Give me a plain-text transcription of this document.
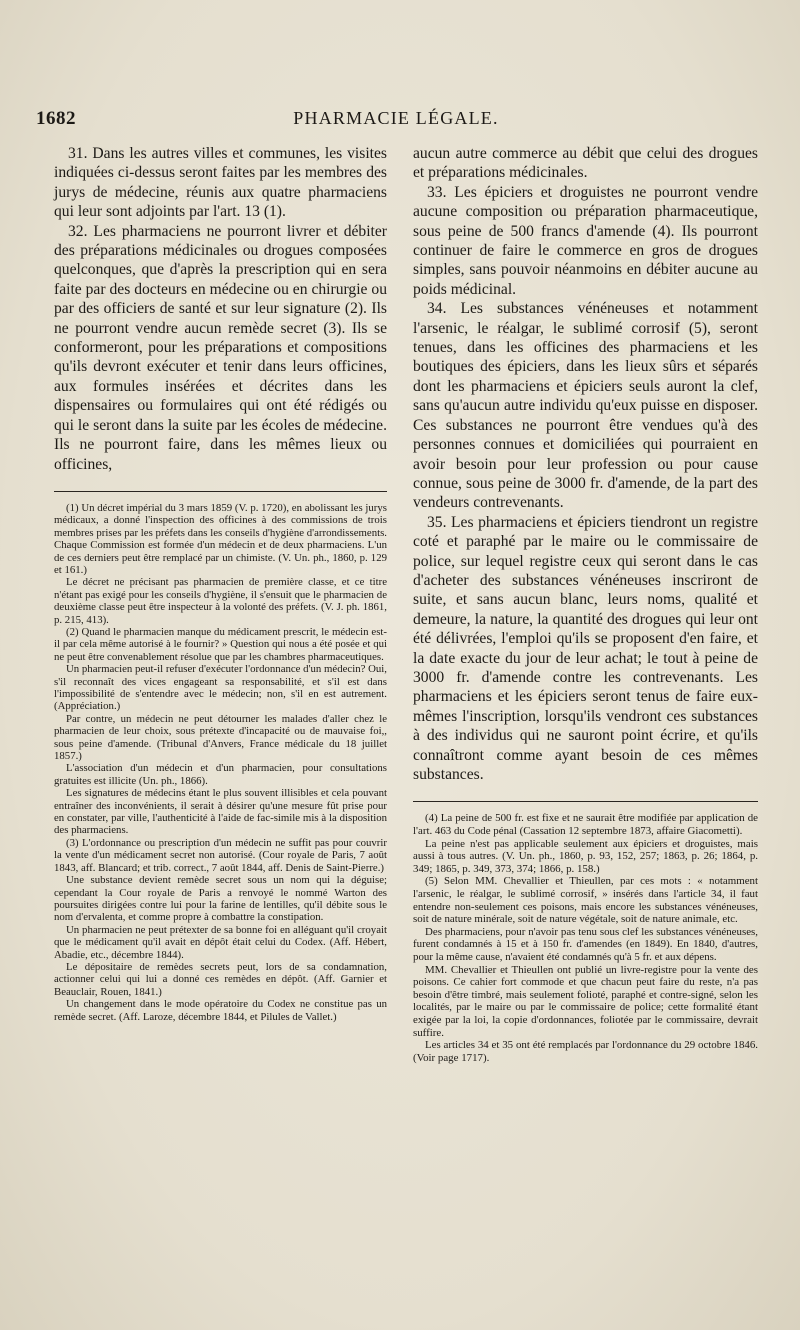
1682	PHARMACIE LÉGALE.

31. Dans les autres villes et communes, les visites indiquées ci-dessus seront faites par les membres des jurys de médecine, réunis aux quatre pharmaciens qui leur sont adjoints par l'art. 13 (1).

32. Les pharmaciens ne pourront livrer et débiter des préparations médicinales ou drogues composées quelconques, que d'après la prescription qui en sera faite par des docteurs en médecine ou en chirurgie ou par des officiers de santé et sur leur signature (2). Ils ne pourront vendre aucun remède secret (3). Ils se conformeront, pour les préparations et compositions qu'ils devront exécuter et tenir dans leurs officines, aux formules insérées et décrites dans les dispensaires ou formulaires qui ont été rédigés ou qui le seront dans la suite par les écoles de médecine. Ils ne pourront faire, dans les mêmes lieux ou officines,

(1) Un décret impérial du 3 mars 1859 (V. p. 1720), en abolissant les jurys médicaux, a donné l'inspection des officines à des commissions de trois membres prises par les préfets dans les conseils d'hygiène d'arrondissements. Chaque Commission est formée d'un médecin et de deux pharmaciens. L'un de ces derniers peut être remplacé par un chimiste. (V. Un. ph., 1860, p. 129 et 161.)

Le décret ne précisant pas pharmacien de première classe, et ce titre n'étant pas exigé pour les conseils d'hygiène, il s'ensuit que le pharmacien de deuxième classe peut être inspecteur à la volonté des préfets. (V. J. ph. 1861, p. 215, 413).

(2) Quand le pharmacien manque du médicament prescrit, le médecin est-il par cela même autorisé à le fournir? » Question qui nous a été posée et qui ne peut être convenablement résolue que par les chambres pharmaceutiques.

Un pharmacien peut-il refuser d'exécuter l'ordonnance d'un médecin? Oui, s'il reconnaît des vices engageant sa responsabilité, et s'il est dans l'impossibilité de s'entendre avec le médecin; non, s'il en est autrement. (Appréciation.)

Par contre, un médecin ne peut détourner les malades d'aller chez le pharmacien de leur choix, sous prétexte d'incapacité ou de mauvaise foi,, sous peine d'amende. (Tribunal d'Anvers, France médicale du 18 juillet 1857.)

L'association d'un médecin et d'un pharmacien, pour consultations gratuites est illicite (Un. ph., 1866).

Les signatures de médecins étant le plus souvent illisibles et cela pouvant entraîner des inconvénients, il serait à désirer qu'une mesure fût prise pour en constater, par ville, l'authenticité à l'aide de fac-simile mis à la disposition des pharmaciens.

(3) L'ordonnance ou prescription d'un médecin ne suffit pas pour couvrir la vente d'un médicament secret non autorisé. (Cour royale de Paris, 7 août 1843, aff. Blancard; et trib. correct., 7 août 1844, aff. Denis de Saint-Pierre.)

Une substance devient remède secret sous un nom qui la déguise; cependant la Cour royale de Paris a renvoyé le nommé Warton des poursuites dirigées contre lui pour la farine de lentilles, qu'il débite sous le nom d'ervalenta, et comme propre à combattre la constipation.

Un pharmacien ne peut prétexter de sa bonne foi en alléguant qu'il croyait que le médicament qu'il avait en dépôt était celui du Codex. (Aff. Hébert, Abadie, etc., décembre 1844).

Le dépositaire de remèdes secrets peut, lors de sa condamnation, actionner celui qui lui a donné ces remèdes en dépôt. (Aff. Garnier et Beauclair, Rouen, 1841.)

Un changement dans le mode opératoire du Codex ne constitue pas un remède secret. (Aff. Laroze, décembre 1844, et Pilules de Vallet.)

aucun autre commerce au débit que celui des drogues et préparations médicinales.

33. Les épiciers et droguistes ne pourront vendre aucune composition ou préparation pharmaceutique, sous peine de 500 francs d'amende (4). Ils pourront continuer de faire le commerce en gros de drogues simples, sans pouvoir néanmoins en débiter aucune au poids médicinal.

34. Les substances vénéneuses et notamment l'arsenic, le réalgar, le sublimé corrosif (5), seront tenues, dans les officines des pharmaciens et les boutiques des épiciers, dans les lieux sûrs et séparés dont les pharmaciens et épiciers seuls auront la clef, sans qu'aucun autre individu qu'eux puisse en disposer. Ces substances ne pourront être vendues qu'à des personnes connues et domiciliées qui pourraient en avoir besoin pour leur profession ou pour cause connue, sous peine de 3000 fr. d'amende, de la part des vendeurs contrevenants.

35. Les pharmaciens et épiciers tiendront un registre coté et paraphé par le maire ou le commissaire de police, sur lequel registre ceux qui seront dans le cas d'acheter des substances vénéneuses inscriront de suite, et sans aucun blanc, leurs noms, qualité et demeure, la nature, la quantité des drogues qui leur ont été délivrées, l'emploi qu'ils se proposent d'en faire, et la date exacte du jour de leur achat; le tout à peine de 3000 fr. d'amende contre les contrevenants. Les pharmaciens et les épiciers seront tenus de faire eux-mêmes l'inscription, lorsqu'ils vendront ces substances à des individus qui ne sauront point écrire, et qu'ils connaîtront comme ayant besoin de ces mêmes substances.

(4) La peine de 500 fr. est fixe et ne saurait être modifiée par application de l'art. 463 du Code pénal (Cassation 12 septembre 1873, affaire Giacometti).

La peine n'est pas applicable seulement aux épiciers et droguistes, mais aussi à tous autres. (V. Un. ph., 1860, p. 93, 152, 257; 1863, p. 26; 1864, p. 349; 1865, p. 349, 373, 374; 1866, p. 158.)

(5) Selon MM. Chevallier et Thieullen, par ces mots : « notamment l'arsenic, le réalgar, le sublimé corrosif, » insérés dans l'article 34, il faut entendre non-seulement ces poisons, mais encore les substances vénéneuses, soit de nature minérale, soit de nature végétale, soit de nature animale, etc.

Des pharmaciens, pour n'avoir pas tenu sous clef les substances vénéneuses, furent condamnés à 15 et à 150 fr. d'amendes (en 1849). En 1840, d'autres, pour la même cause, n'avaient été condamnés qu'à 5 fr. et aux dépens.

MM. Chevallier et Thieullen ont publié un livre-registre pour la vente des poisons. Ce cahier fort commode et que chacun peut faire du reste, n'a pas besoin d'être timbré, mais seulement folioté, paraphé et contre-signé, selon les localités, par le maire ou par le commissaire de police; cette formalité étant exigée par la loi, la copie d'ordonnances, foliotée par le commissaire, devrait suffire.

Les articles 34 et 35 ont été remplacés par l'ordonnance du 29 octobre 1846. (Voir page 1717).
